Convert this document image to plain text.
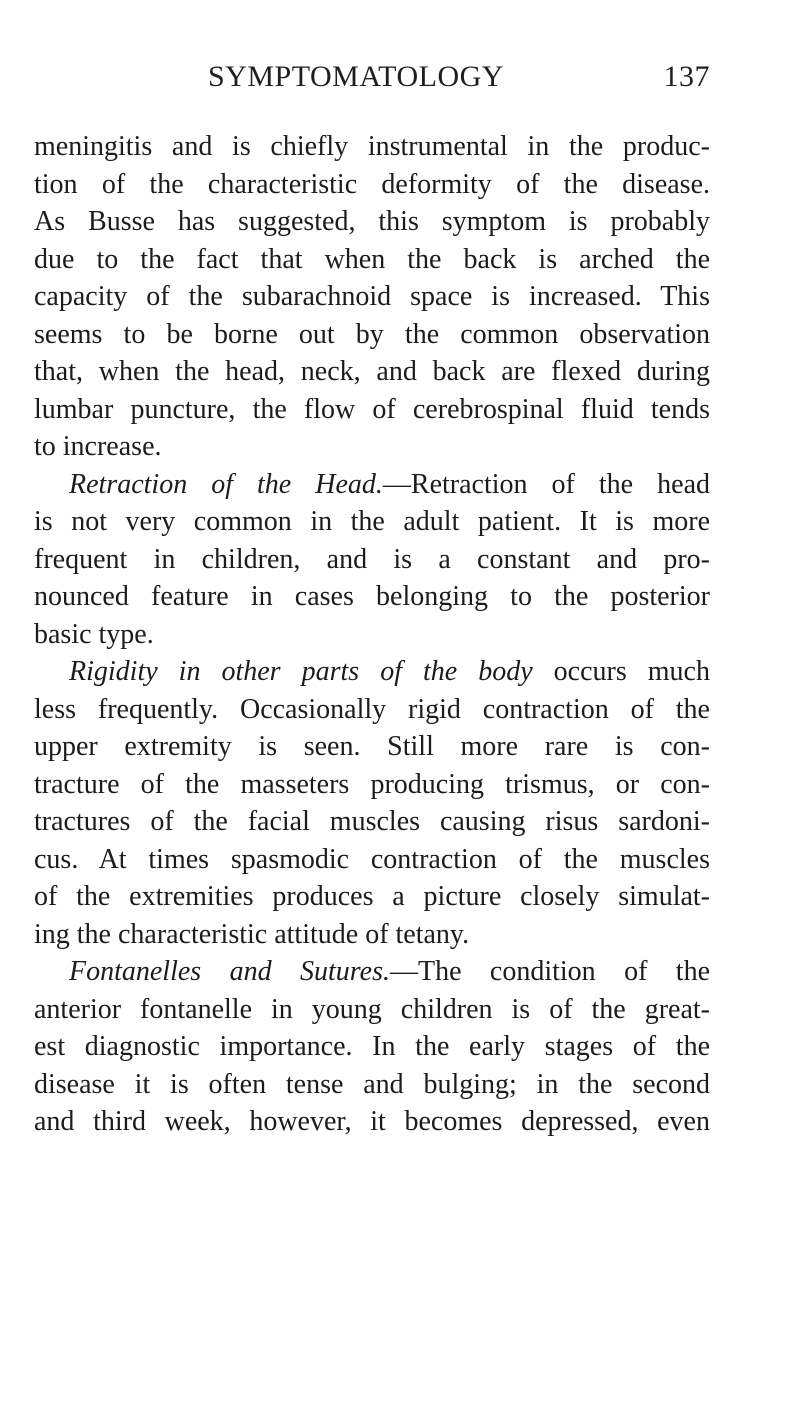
SYMPTOMATOLOGY	137
meningitis and is chiefly instrumental in the produc-
tion of the characteristic deformity of the disease.
As Busse has suggested, this symptom is probably
due to the fact that when the back is arched the
capacity of the subarachnoid space is increased. This
seems to be borne out by the common observation
that, when the head, neck, and back are flexed during
lumbar puncture, the flow of cerebrospinal fluid tends
to increase.
Retraction of the Head.—Retraction of the head
is not very common in the adult patient. It is more
frequent in children, and is a constant and pro-
nounced feature in cases belonging to the posterior
basic type.
Rigidity in other parts of the body occurs much
less frequently. Occasionally rigid contraction of the
upper extremity is seen. Still more rare is con-
tracture of the masseters producing trismus, or con-
tractures of the facial muscles causing risus sardoni-
cus. At times spasmodic contraction of the muscles
of the extremities produces a picture closely simulat-
ing the characteristic attitude of tetany.
Fontanelles and Sutures.—The condition of the
anterior fontanelle in young children is of the great-
est diagnostic importance. In the early stages of the
disease it is often tense and bulging; in the second
and third week, however, it becomes depressed, even
